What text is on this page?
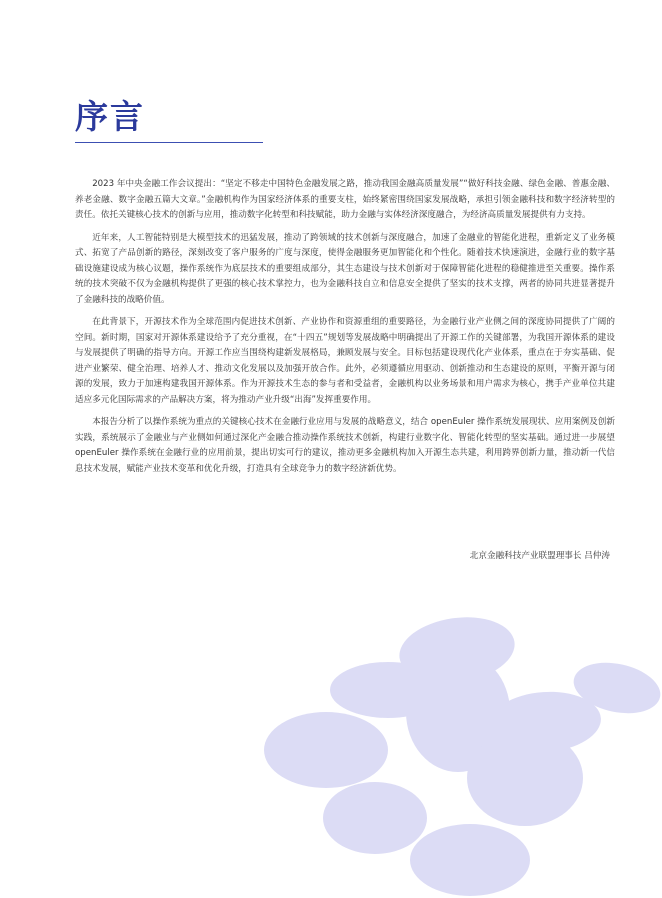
序言

2023 年中央金融工作会议提出：“坚定不移走中国特色金融发展之路，推动我国金融高质量发展”“做好科技金融、绿色金融、普惠金融、养老金融、数字金融五篇大文章。”金融机构作为国家经济体系的重要支柱，始终紧密围绕国家发展战略，承担引领金融科技和数字经济转型的责任。依托关键核心技术的创新与应用，推动数字化转型和科技赋能，助力金融与实体经济深度融合，为经济高质量发展提供有力支持。

近年来，人工智能特别是大模型技术的迅猛发展，推动了跨领域的技术创新与深度融合，加速了金融业的智能化进程，重新定义了业务模式、拓宽了产品创新的路径，深刻改变了客户服务的广度与深度，使得金融服务更加智能化和个性化。随着技术快速演进，金融行业的数字基础设施建设成为核心议题，操作系统作为底层技术的重要组成部分，其生态建设与技术创新对于保障智能化进程的稳健推进至关重要。操作系统的技术突破不仅为金融机构提供了更强的核心技术掌控力，也为金融科技自立和信息安全提供了坚实的技术支撑，两者的协同共进显著提升了金融科技的战略价值。

在此背景下，开源技术作为全球范围内促进技术创新、产业协作和资源重组的重要路径，为金融行业产业侧之间的深度协同提供了广阔的空间。新时期，国家对开源体系建设给予了充分重视，在“十四五”规划等发展战略中明确提出了开源工作的关键部署，为我国开源体系的建设与发展提供了明确的指导方向。开源工作应当围绕构建新发展格局，兼顾发展与安全。目标包括建设现代化产业体系，重点在于夯实基础、促进产业繁荣、健全治理、培养人才、推动文化发展以及加强开放合作。此外，必须遵循应用驱动、创新推动和生态建设的原则，平衡开源与闭源的发展，致力于加速构建我国开源体系。作为开源技术生态的参与者和受益者，金融机构以业务场景和用户需求为核心，携手产业单位共建适应多元化国际需求的产品解决方案，将为推动产业升级“出海”发挥重要作用。

本报告分析了以操作系统为重点的关键核心技术在金融行业应用与发展的战略意义，结合 openEuler 操作系统发展现状、应用案例及创新实践，系统展示了金融业与产业侧如何通过深化产金融合推动操作系统技术创新，构建行业数字化、智能化转型的坚实基础。通过进一步展望 openEuler 操作系统在金融行业的应用前景，提出切实可行的建议，推动更多金融机构加入开源生态共建，利用跨界创新力量，推动新一代信息技术发展，赋能产业技术变革和优化升级，打造具有全球竞争力的数字经济新优势。

北京金融科技产业联盟理事长 吕仲涛
